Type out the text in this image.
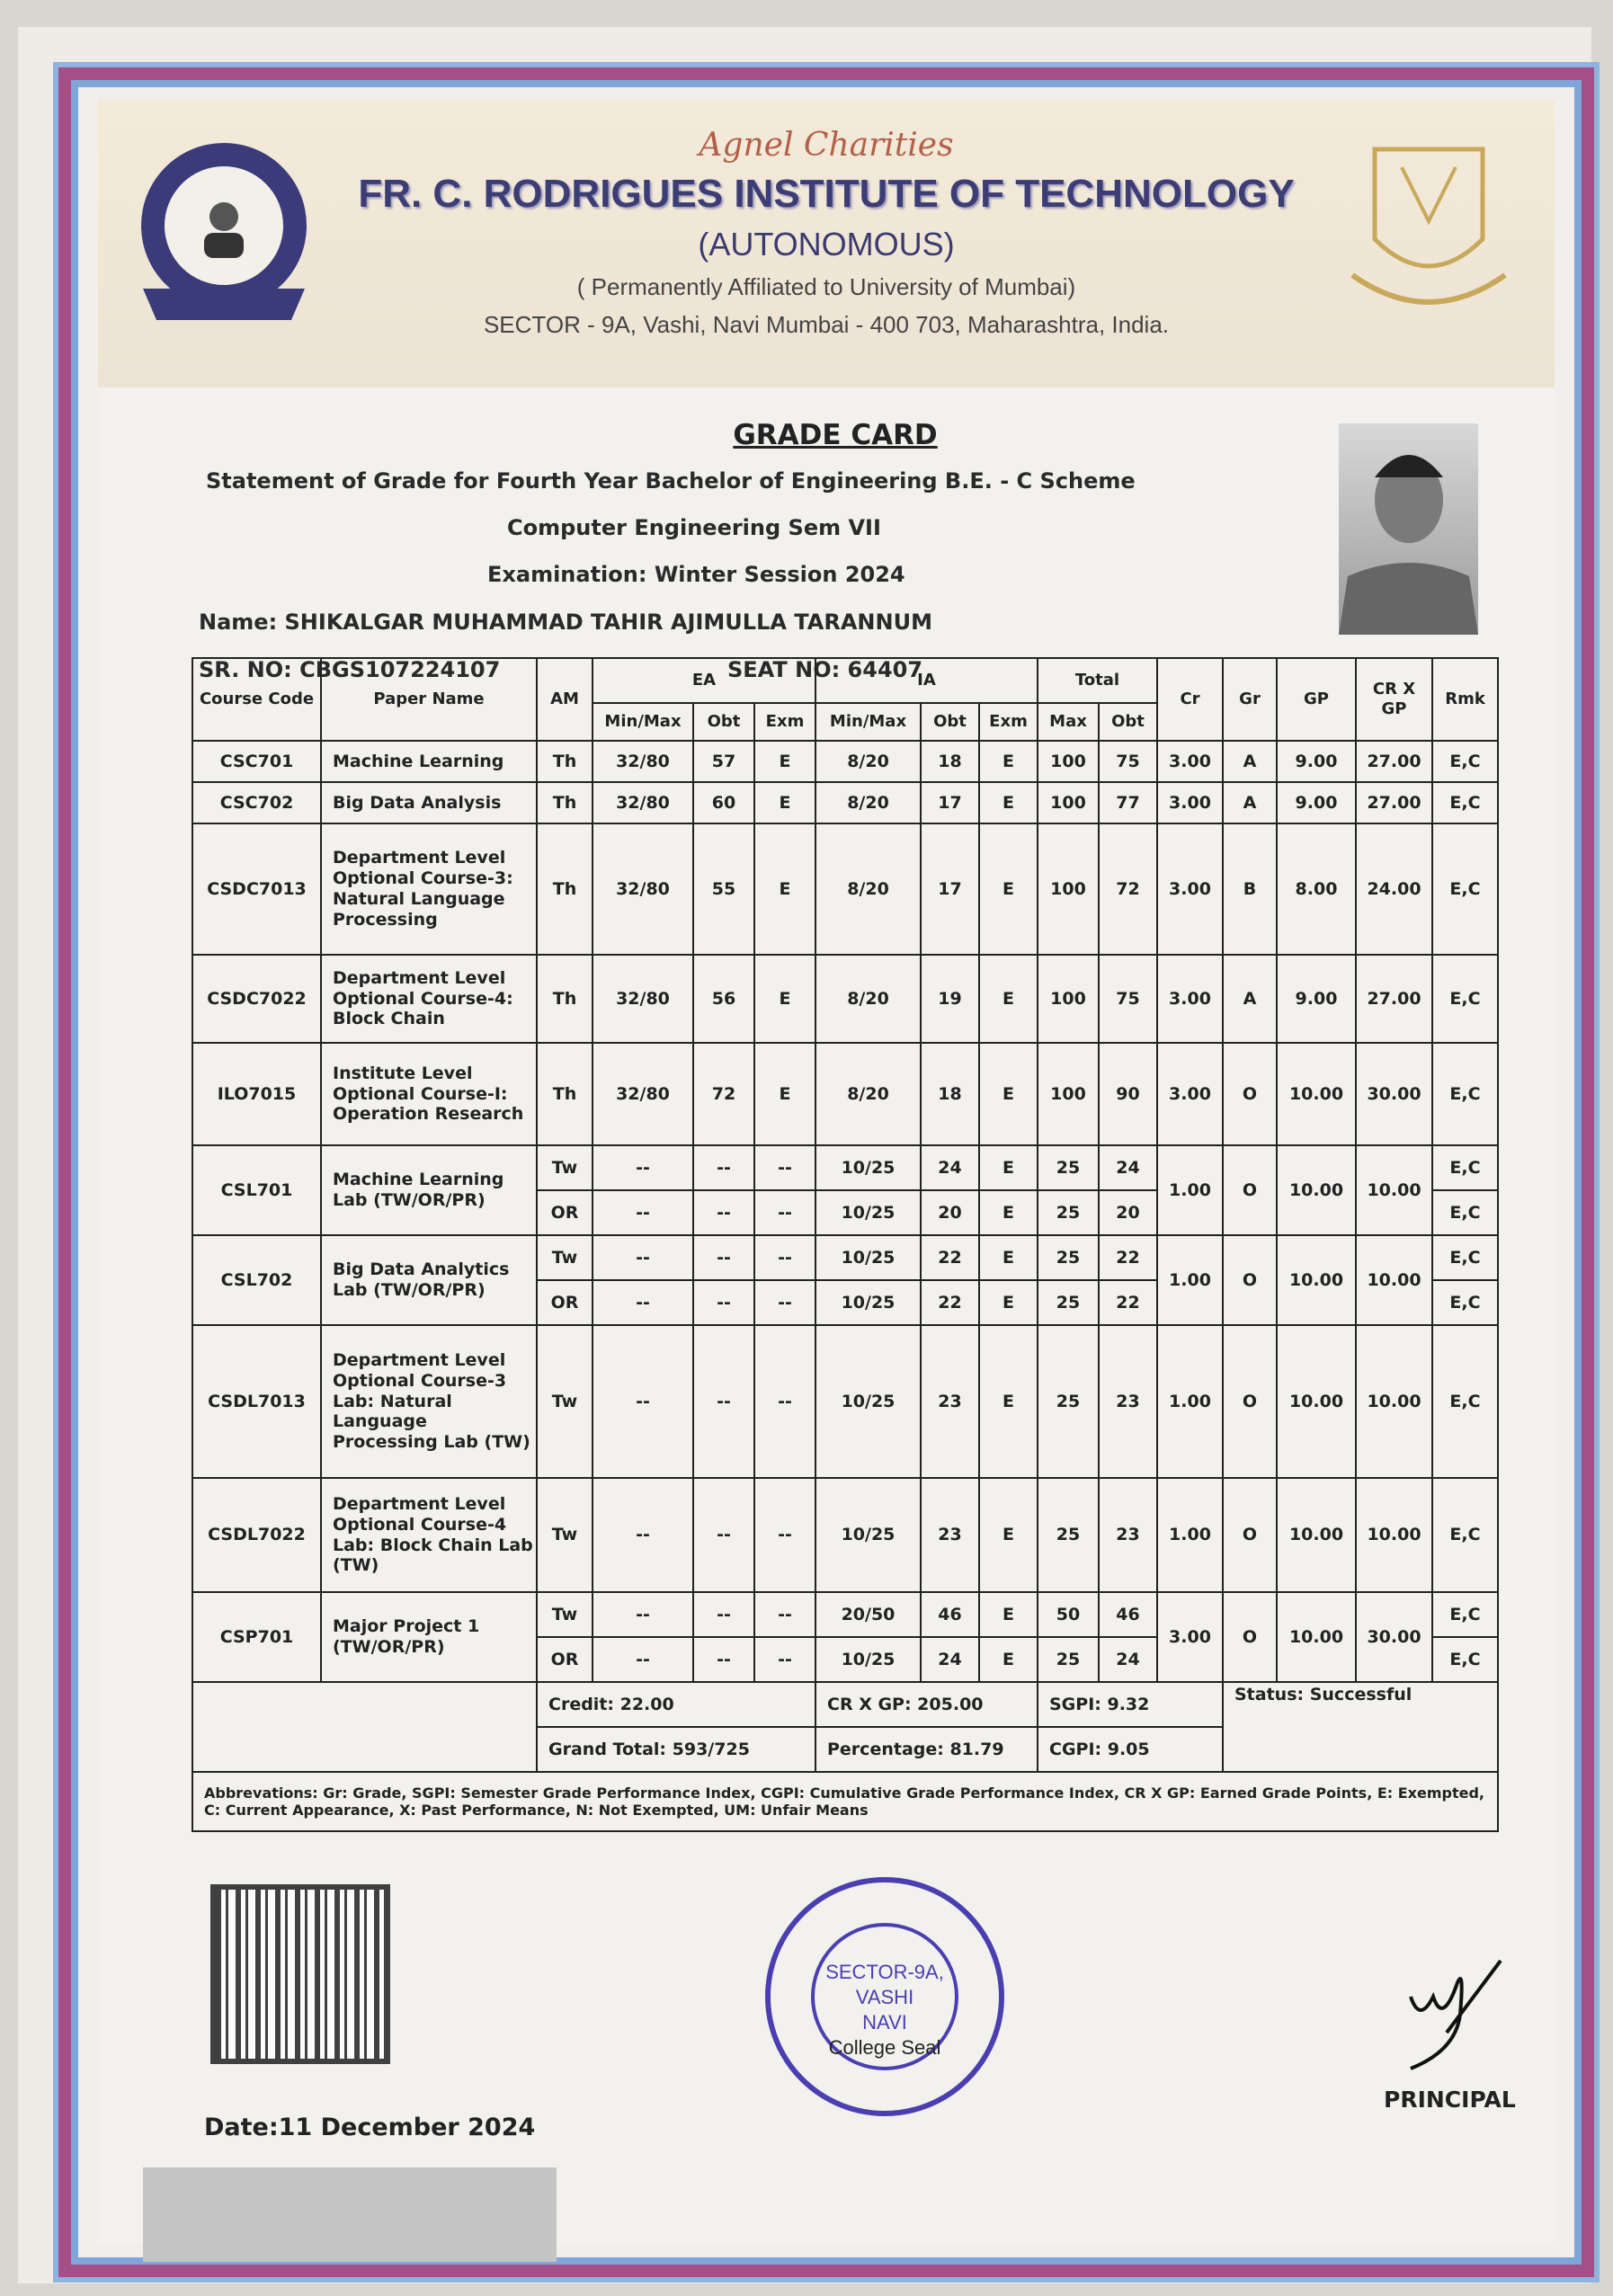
Agnel Charities
FR. C. RODRIGUES INSTITUTE OF TECHNOLOGY
(AUTONOMOUS)
( Permanently Affiliated to University of Mumbai)
SECTOR - 9A, Vashi, Navi Mumbai - 400 703, Maharashtra, India.
GRADE CARD
Statement of Grade for Fourth Year Bachelor of Engineering B.E. - C Scheme
Computer Engineering Sem VII
Examination: Winter Session 2024
Name: SHIKALGAR MUHAMMAD TAHIR AJIMULLA TARANNUM
SR. NO: CBGS107224107	SEAT NO: 64407
Course Code	Paper Name	AM	EA			IA			Total		Cr	Gr	GP	CR X GP	Rmk
			Min/Max	Obt	Exm	Min/Max	Obt	Exm	Max	Obt					
CSC701	Machine Learning	Th	32/80	57	E	8/20	18	E	100	75	3.00	A	9.00	27.00	E,C
CSC702	Big Data Analysis	Th	32/80	60	E	8/20	17	E	100	77	3.00	A	9.00	27.00	E,C
CSDC7013	Department Level Optional Course-3: Natural Language Processing	Th	32/80	55	E	8/20	17	E	100	72	3.00	B	8.00	24.00	E,C
CSDC7022	Department Level Optional Course-4: Block Chain	Th	32/80	56	E	8/20	19	E	100	75	3.00	A	9.00	27.00	E,C
ILO7015	Institute Level Optional Course-I: Operation Research	Th	32/80	72	E	8/20	18	E	100	90	3.00	O	10.00	30.00	E,C
CSL701	Machine Learning Lab (TW/OR/PR)	Tw	--	--	--	10/25	24	E	25	24	1.00	O	10.00	10.00	E,C
		OR	--	--	--	10/25	20	E	25	20					E,C
CSL702	Big Data Analytics Lab (TW/OR/PR)	Tw	--	--	--	10/25	22	E	25	22	1.00	O	10.00	10.00	E,C
		OR	--	--	--	10/25	22	E	25	22					E,C
CSDL7013	Department Level Optional Course-3 Lab: Natural Language Processing Lab (TW)	Tw	--	--	--	10/25	23	E	25	23	1.00	O	10.00	10.00	E,C
CSDL7022	Department Level Optional Course-4 Lab: Block Chain Lab (TW)	Tw	--	--	--	10/25	23	E	25	23	1.00	O	10.00	10.00	E,C
CSP701	Major Project 1 (TW/OR/PR)	Tw	--	--	--	20/50	46	E	50	46	3.00	O	10.00	30.00	E,C
		OR	--	--	--	10/25	24	E	25	24					E,C
		Credit: 22.00				CR X GP: 205.00			SGPI: 9.32			Status: Successful			
		Grand Total: 593/725				Percentage: 81.79			CGPI: 9.05						
Abbrevations: Gr: Grade, SGPI: Semester Grade Performance Index, CGPI: Cumulative Grade Performance Index, CR X GP: Earned Grade Points, E: Exempted, C: Current Appearance, X: Past Performance, N: Not Exempted, UM: Unfair Means															
Date:11 December 2024
SECTOR-9A,
VASHI
NAVI
College Seal
PRINCIPAL
